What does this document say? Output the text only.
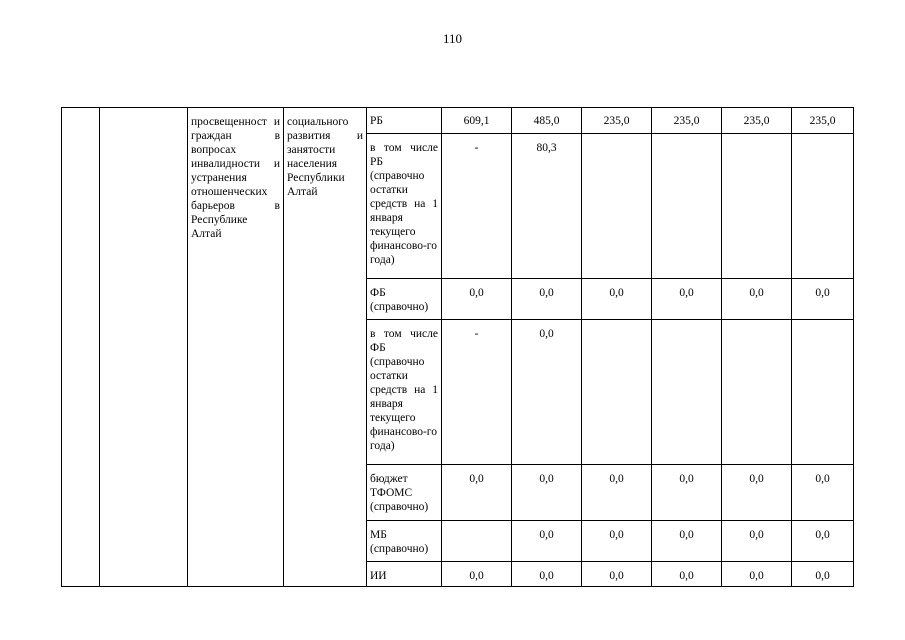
110
		просвещенност и граждан в вопросах инвалидности и устранения отношенческих барьеров в Республике Алтай	социального развития и занятости населения Республики Алтай	РБ	609,1	485,0	235,0	235,0	235,0	235,0
				в том числе РБ (справочно остатки средств на 1 января текущего финансово-го года)	-	80,3				
				ФБ (справочно)	0,0	0,0	0,0	0,0	0,0	0,0
				в том числе ФБ (справочно остатки средств на 1 января текущего финансово-го года)	-	0,0				
				бюджет ТФОМС (справочно)	0,0	0,0	0,0	0,0	0,0	0,0
				МБ (справочно)		0,0	0,0	0,0	0,0	0,0
				ИИ	0,0	0,0	0,0	0,0	0,0	0,0
